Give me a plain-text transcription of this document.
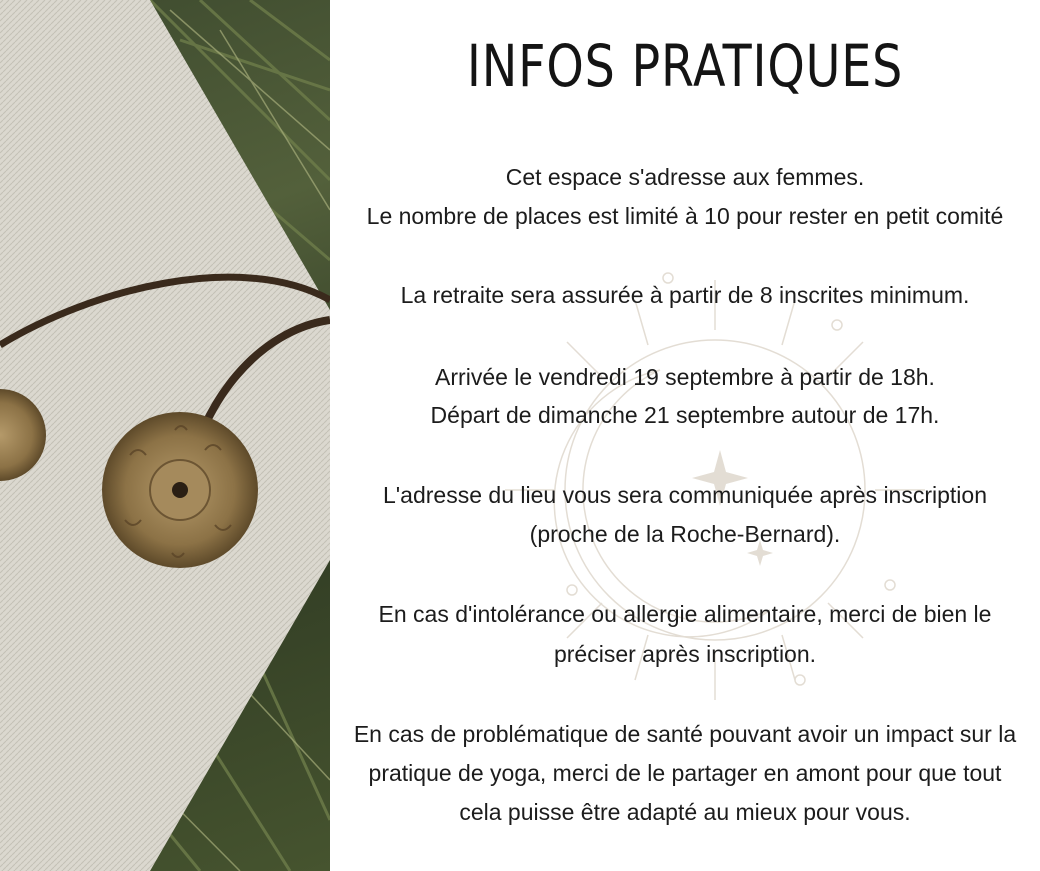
INFOS PRATIQUES
Cet espace s'adresse aux femmes.
Le nombre de places est limité à 10 pour rester en petit comité
La retraite sera assurée à partir de 8 inscrites minimum.
Arrivée le vendredi 19 septembre à partir de 18h.
Départ de dimanche 21 septembre autour de 17h.
L'adresse du lieu vous sera communiquée après inscription
(proche de la Roche-Bernard).
En cas d'intolérance ou allergie alimentaire, merci de bien le
préciser après inscription.
En cas de problématique de santé pouvant avoir un impact sur la
pratique de yoga, merci de le partager en amont pour que tout
cela puisse être adapté au mieux pour vous.
